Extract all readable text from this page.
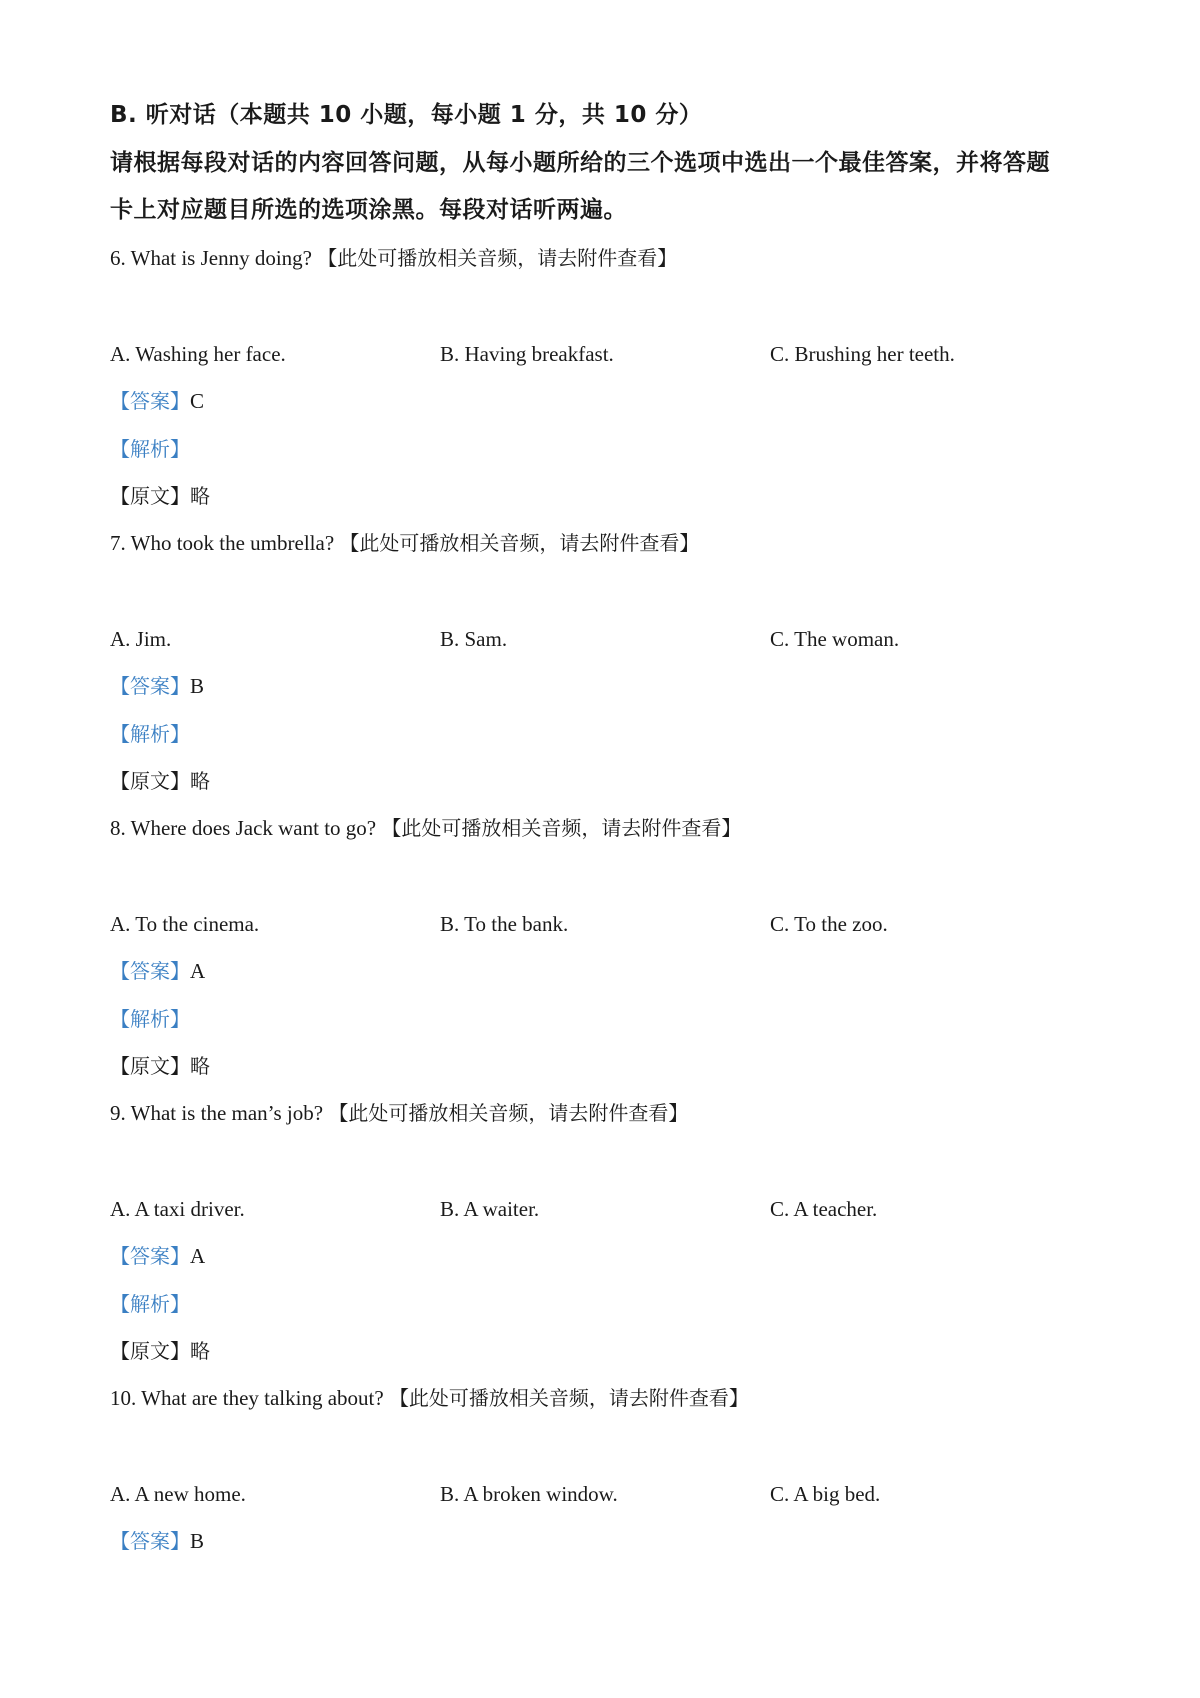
B. 听对话（本题共 10 小题，每小题 1 分，共 10 分）
请根据每段对话的内容回答问题，从每小题所给的三个选项中选出一个最佳答案，并将答题
卡上对应题目所选的选项涂黑。每段对话听两遍。
6. What is Jenny doing? 【此处可播放相关音频，请去附件查看】
A. Washing her face.	B. Having breakfast.	C. Brushing her teeth.
【答案】C
【解析】
【原文】略
7. Who took the umbrella? 【此处可播放相关音频，请去附件查看】
A. Jim.	B. Sam.	C. The woman.
【答案】B
【解析】
【原文】略
8. Where does Jack want to go? 【此处可播放相关音频，请去附件查看】
A. To the cinema.	B. To the bank.	C. To the zoo.
【答案】A
【解析】
【原文】略
9. What is the man’s job? 【此处可播放相关音频，请去附件查看】
A. A taxi driver.	B. A waiter.	C. A teacher.
【答案】A
【解析】
【原文】略
10. What are they talking about? 【此处可播放相关音频，请去附件查看】
A. A new home.	B. A broken window.	C. A big bed.
【答案】B
